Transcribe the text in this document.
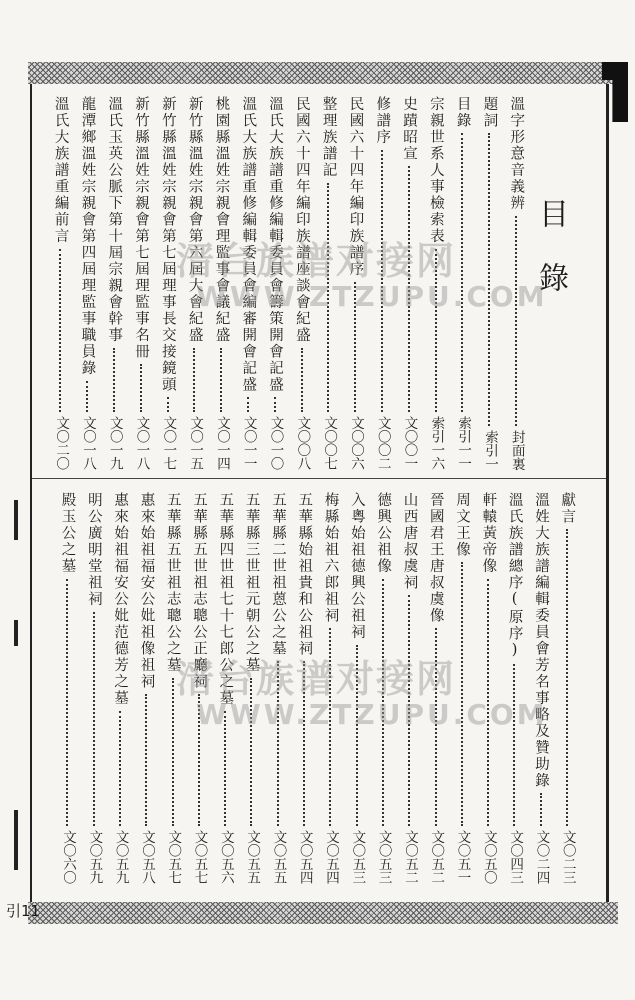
目錄
溫字形意音義辨
封面裏
題詞
索引一
目錄
索引一一
宗親世系人事檢索表
索引一六
史蹟昭宣
文〇〇一
修譜序
文〇〇二
民國六十四年編印族譜序
文〇〇六
整理族譜記
文〇〇七
民國六十四年編印族譜座談會紀盛
文〇〇八
溫氏大族譜重修編輯委員會籌策開會記盛
文〇一〇
溫氏大族譜重修編輯委員會編審開會記盛
文〇一一
桃園縣溫姓宗親會理監事會議紀盛
文〇一四
新竹縣溫姓宗親會第六屆大會紀盛
文〇一五
新竹縣溫姓宗親會第七屆理事長交接鏡頭
文〇一七
新竹縣溫姓宗親會第七屆理監事名冊
文〇一八
溫氏玉英公脈下第十屆宗親會幹事
文〇一九
龍潭鄉溫姓宗親會第四屆理監事職員錄
文〇一八
溫氏大族譜重編前言
文〇二〇
獻言
文〇二三
溫姓大族譜編輯委員會芳名事略及贊助錄
文〇二四
溫氏族譜總序(原序)
文〇四三
軒轅黃帝像
文〇五〇
周文王像
文〇五一
晉國君王唐叔虞像
文〇五二
山西唐叔虞祠
文〇五二
德興公祖像
文〇五三
入粵始祖德興公祖祠
文〇五三
梅縣始祖六郎祖祠
文〇五四
五華縣始祖貴和公祖祠
文〇五四
五華縣二世祖蒽公之墓
文〇五五
五華縣三世祖元朝公之墓
文〇五五
五華縣四世祖七十七郎公之墓
文〇五六
五華縣五世祖志聰公正廳祠
文〇五七
五華縣五世祖志聰公之墓
文〇五七
惠來始祖福安公妣祖像祖祠
文〇五八
惠來始祖福安公妣范德芳之墓
文〇五九
明公廣明堂祖祠
文〇五九
殿玉公之墓
文〇六〇
溍台族谱对接网
WWW.ZTZUPU.COM
溍台族谱对接网
WWW.ZTZUPU.COM
引11
